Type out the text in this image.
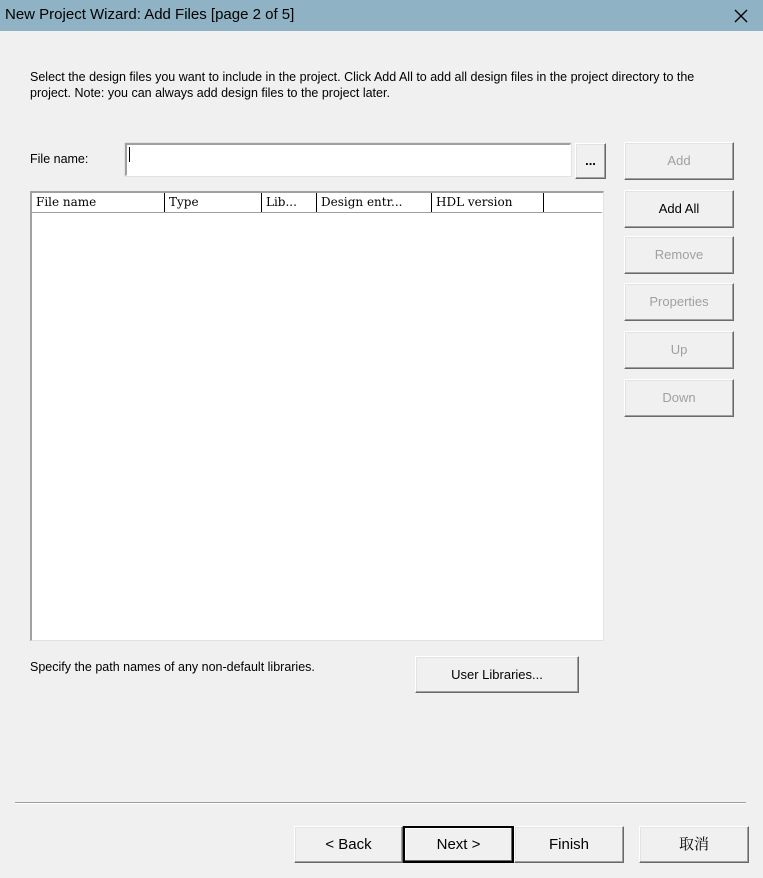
New Project Wizard: Add Files [page 2 of 5]
Select the design files you want to include in the project. Click Add All to add all design files in the project directory to the project. Note: you can always add design files to the project later.
File name:	...	Add
Add All
Remove
Properties
Up
Down
File name	Type	Lib...	Design entr...	HDL version
Specify the path names of any non-default libraries.	User Libraries...
< Back	Next >	Finish	取消
